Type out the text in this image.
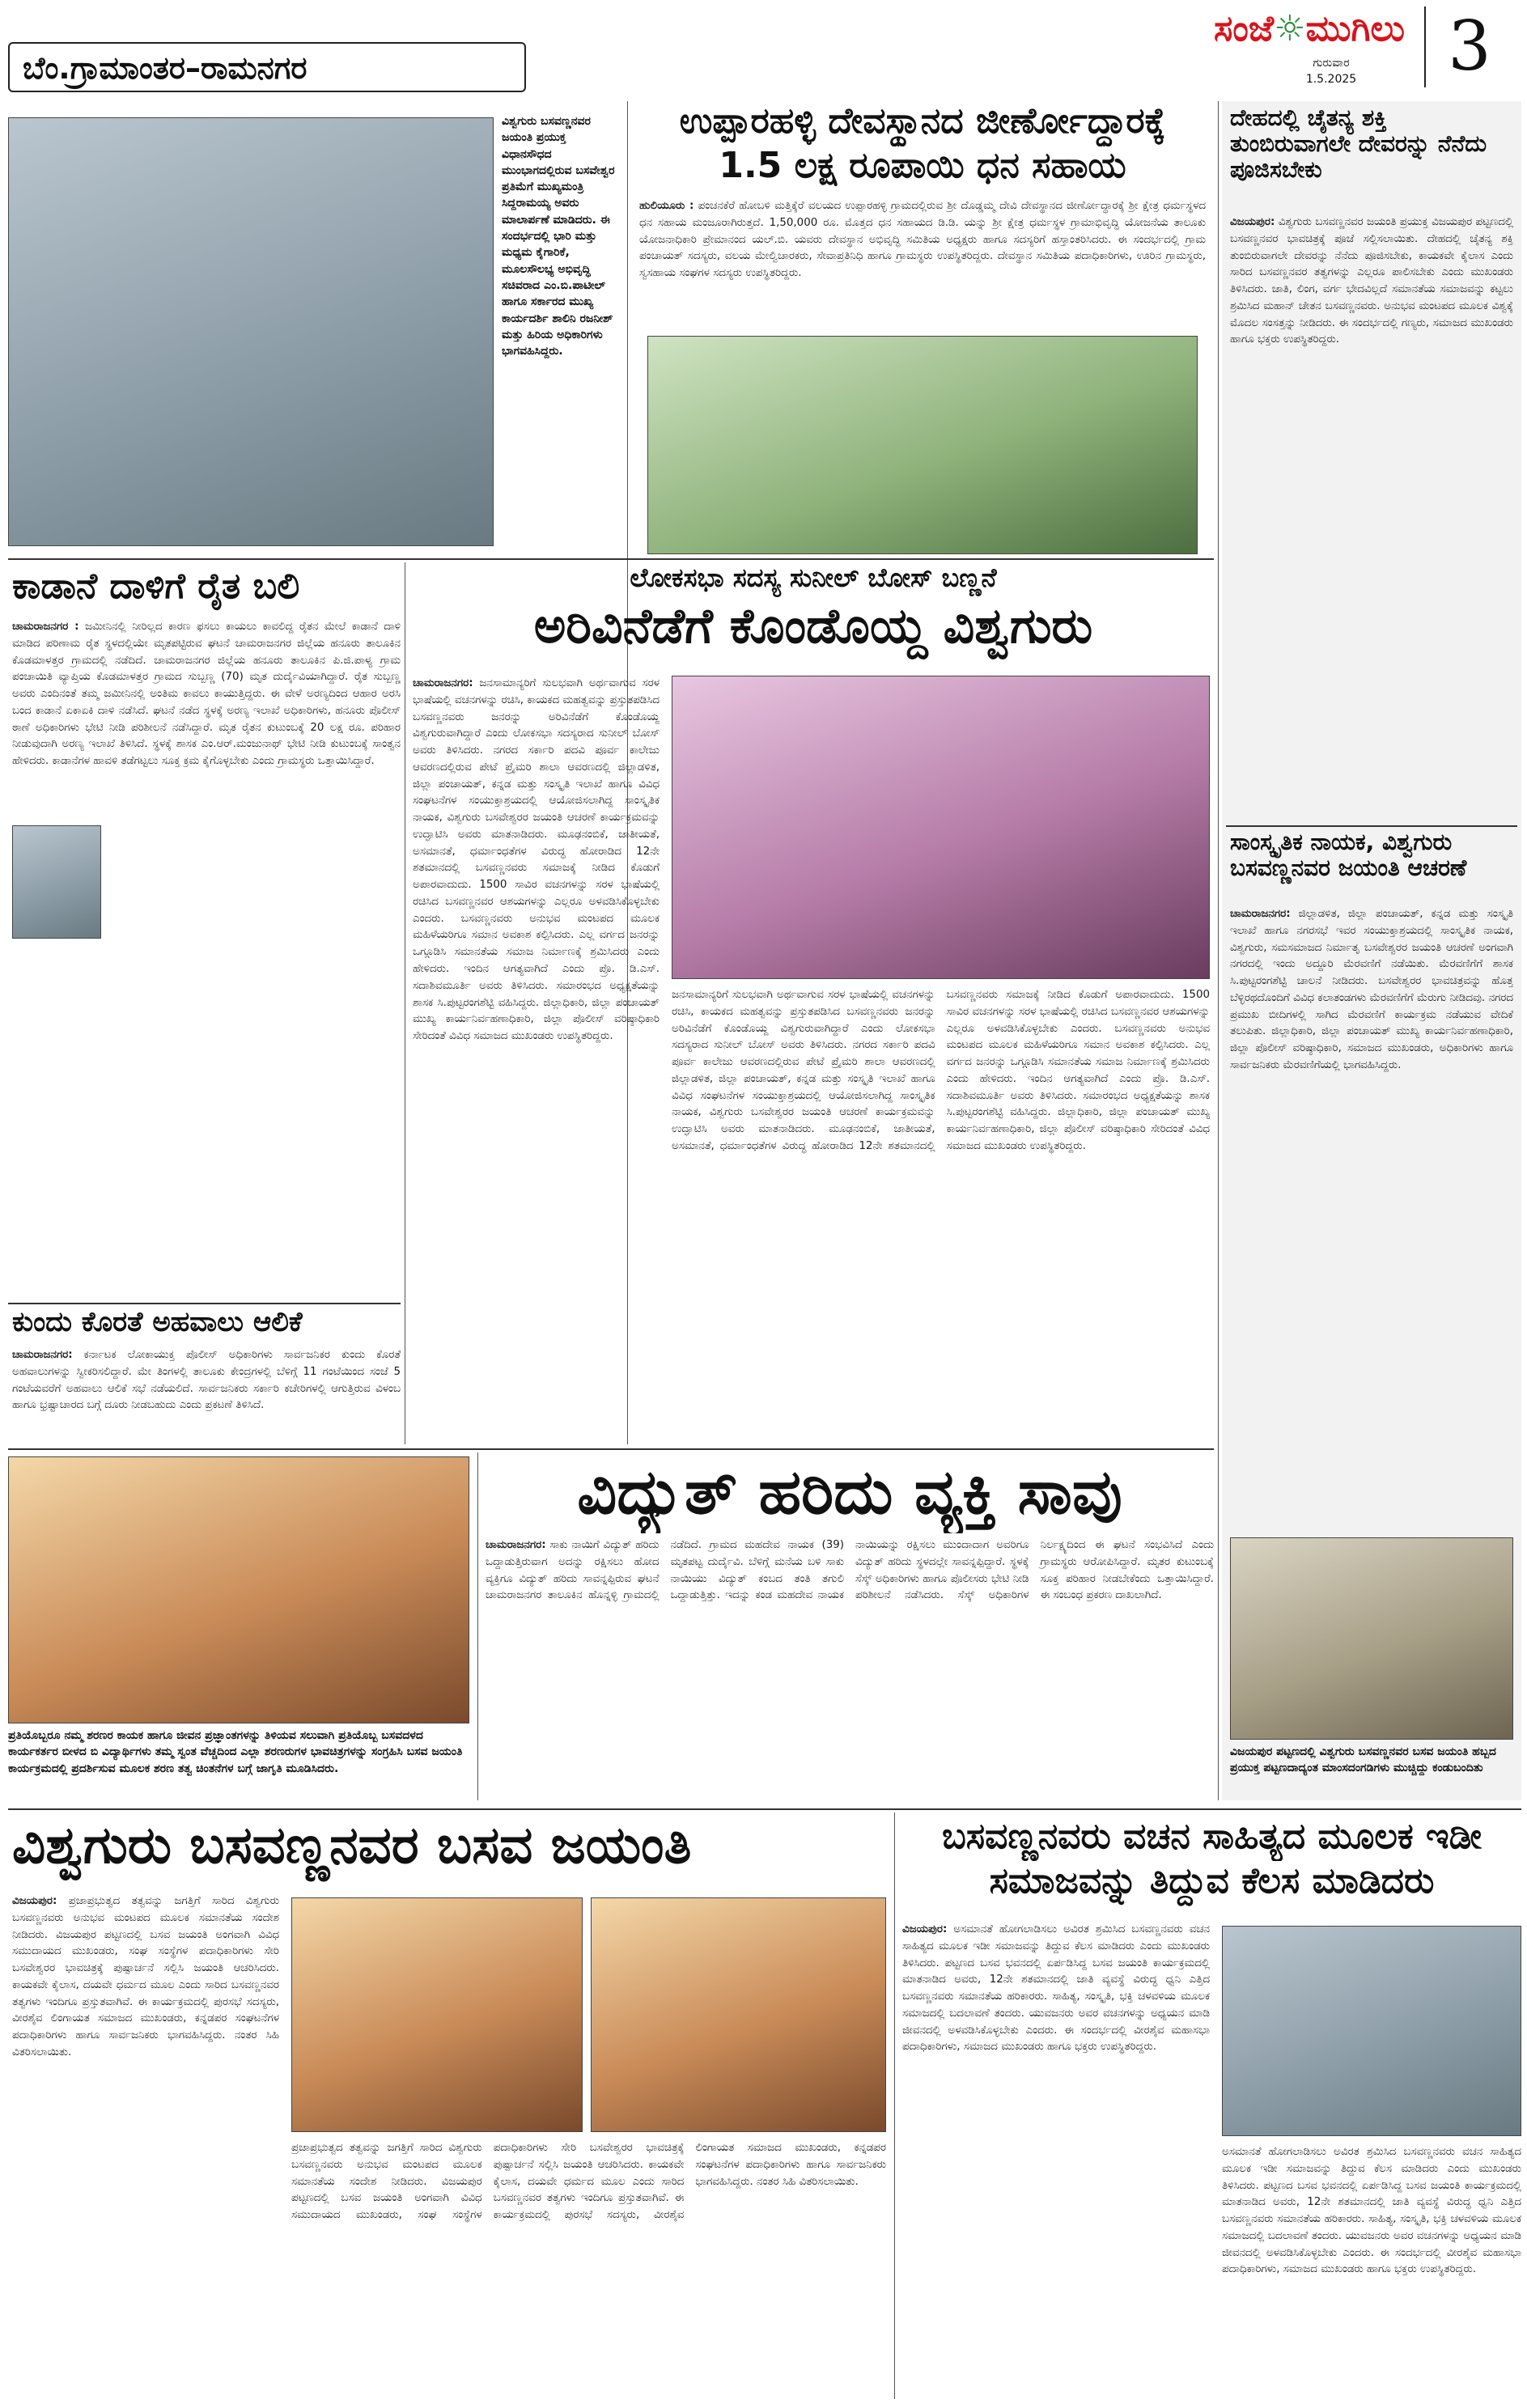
ಬೆಂ.ಗ್ರಾಮಾಂತರ–ರಾಮನಗರ
ಸಂಜೆ☼ಮುಗಿಲು
ಗುರುವಾರ
1.5.2025	3
ವಿಶ್ವಗುರು ಬಸವಣ್ಣನವರ ಜಯಂತಿ ಪ್ರಯುಕ್ತ ವಿಧಾನಸೌಧದ ಮುಂಭಾಗದಲ್ಲಿರುವ ಬಸವೇಶ್ವರ ಪ್ರತಿಮೆಗೆ ಮುಖ್ಯಮಂತ್ರಿ ಸಿದ್ದರಾಮಯ್ಯ ಅವರು ಮಾಲಾರ್ಪಣೆ ಮಾಡಿದರು. ಈ ಸಂದರ್ಭದಲ್ಲಿ ಭಾರಿ ಮತ್ತು ಮಧ್ಯಮ ಕೈಗಾರಿಕೆ, ಮೂಲಸೌಲಭ್ಯ ಅಭಿವೃದ್ಧಿ ಸಚಿವರಾದ ಎಂ.ಬಿ.ಪಾಟೀಲ್ ಹಾಗೂ ಸರ್ಕಾರದ ಮುಖ್ಯ ಕಾರ್ಯದರ್ಶಿ ಶಾಲಿನಿ ರಜನೀಶ್ ಮತ್ತು ಹಿರಿಯ ಅಧಿಕಾರಿಗಳು ಭಾಗವಹಿಸಿದ್ದರು.
ಉಪ್ಪಾರಹಳ್ಳಿ ದೇವಸ್ಥಾನದ ಜೀರ್ಣೋದ್ಧಾರಕ್ಕೆ
1.5 ಲಕ್ಷ ರೂಪಾಯಿ ಧನ ಸಹಾಯ
ಹುಲಿಯೂರು : ಪಂಚನಕೆರೆ ಹೋಬಳಿ ಮತ್ತಿಕ್ಕೆರೆ ವಲಯದ ಉಪ್ಪಾರಹಳ್ಳಿ ಗ್ರಾಮದಲ್ಲಿರುವ ಶ್ರೀ ದೊಡ್ಡಮ್ಮ ದೇವಿ ದೇವಸ್ಥಾನದ ಜೀರ್ಣೋದ್ಧಾರಕ್ಕೆ ಶ್ರೀ ಕ್ಷೇತ್ರ ಧರ್ಮಸ್ಥಳದ ಧನ ಸಹಾಯ ಮಂಜೂರಾಗಿರುತ್ತದೆ. 1,50,000 ರೂ. ಮೊತ್ತದ ಧನ ಸಹಾಯದ ಡಿ.ಡಿ. ಯನ್ನು ಶ್ರೀ ಕ್ಷೇತ್ರ ಧರ್ಮಸ್ಥಳ ಗ್ರಾಮಾಭಿವೃದ್ಧಿ ಯೋಜನೆಯ ತಾಲೂಕು ಯೋಜನಾಧಿಕಾರಿ ಪ್ರೇಮಾನಂದ ಯಲ್.ಬಿ. ಯವರು ದೇವಸ್ಥಾನ ಅಭಿವೃದ್ಧಿ ಸಮಿತಿಯ ಅಧ್ಯಕ್ಷರು ಹಾಗೂ ಸದಸ್ಯರಿಗೆ ಹಸ್ತಾಂತರಿಸಿದರು. ಈ ಸಂದರ್ಭದಲ್ಲಿ ಗ್ರಾಮ ಪಂಚಾಯತ್ ಸದಸ್ಯರು, ವಲಯ ಮೇಲ್ವಿಚಾರಕರು, ಸೇವಾಪ್ರತಿನಿಧಿ ಹಾಗೂ ಗ್ರಾಮಸ್ಥರು ಉಪಸ್ಥಿತರಿದ್ದರು. ದೇವಸ್ಥಾನ ಸಮಿತಿಯ ಪದಾಧಿಕಾರಿಗಳು, ಊರಿನ ಗ್ರಾಮಸ್ಥರು, ಸ್ವಸಹಾಯ ಸಂಘಗಳ ಸದಸ್ಯರು ಉಪಸ್ಥಿತರಿದ್ದರು.
ದೇಹದಲ್ಲಿ ಚೈತನ್ಯ ಶಕ್ತಿ ತುಂಬಿರುವಾಗಲೇ ದೇವರನ್ನು ನೆನೆದು ಪೂಜಿಸಬೇಕು
ವಿಜಯಪುರ: ವಿಶ್ವಗುರು ಬಸವಣ್ಣನವರ ಜಯಂತಿ ಪ್ರಯುಕ್ತ ವಿಜಯಪುರ ಪಟ್ಟಣದಲ್ಲಿ ಬಸವಣ್ಣನವರ ಭಾವಚಿತ್ರಕ್ಕೆ ಪೂಜೆ ಸಲ್ಲಿಸಲಾಯಿತು. ದೇಹದಲ್ಲಿ ಚೈತನ್ಯ ಶಕ್ತಿ ತುಂಬಿರುವಾಗಲೇ ದೇವರನ್ನು ನೆನೆದು ಪೂಜಿಸಬೇಕು, ಕಾಯಕವೇ ಕೈಲಾಸ ಎಂದು ಸಾರಿದ ಬಸವಣ್ಣನವರ ತತ್ವಗಳನ್ನು ಎಲ್ಲರೂ ಪಾಲಿಸಬೇಕು ಎಂದು ಮುಖಂಡರು ತಿಳಿಸಿದರು. ಜಾತಿ, ಲಿಂಗ, ವರ್ಗ ಭೇದವಿಲ್ಲದೆ ಸಮಾನತೆಯ ಸಮಾಜವನ್ನು ಕಟ್ಟಲು ಶ್ರಮಿಸಿದ ಮಹಾನ್ ಚೇತನ ಬಸವಣ್ಣನವರು. ಅನುಭವ ಮಂಟಪದ ಮೂಲಕ ವಿಶ್ವಕ್ಕೆ ಮೊದಲ ಸಂಸತ್ತನ್ನು ನೀಡಿದರು. ಈ ಸಂದರ್ಭದಲ್ಲಿ ಗಣ್ಯರು, ಸಮಾಜದ ಮುಖಂಡರು ಹಾಗೂ ಭಕ್ತರು ಉಪಸ್ಥಿತರಿದ್ದರು.
ಸಾಂಸ್ಕೃತಿಕ ನಾಯಕ, ವಿಶ್ವಗುರು ಬಸವಣ್ಣನವರ ಜಯಂತಿ ಆಚರಣೆ
ಚಾಮರಾಜನಗರ: ಜಿಲ್ಲಾಡಳಿತ, ಜಿಲ್ಲಾ ಪಂಚಾಯತ್, ಕನ್ನಡ ಮತ್ತು ಸಂಸ್ಕೃತಿ ಇಲಾಖೆ ಹಾಗೂ ನಗರಸಭೆ ಇವರ ಸಂಯುಕ್ತಾಶ್ರಯದಲ್ಲಿ ಸಾಂಸ್ಕೃತಿಕ ನಾಯಕ, ವಿಶ್ವಗುರು, ಸಮಸಮಾಜದ ನಿರ್ಮಾತೃ ಬಸವೇಶ್ವರರ ಜಯಂತಿ ಆಚರಣೆ ಅಂಗವಾಗಿ ನಗರದಲ್ಲಿ ಇಂದು ಅದ್ದೂರಿ ಮೆರವಣಿಗೆ ನಡೆಯಿತು. ಮೆರವಣಿಗೆಗೆ ಶಾಸಕ ಸಿ.ಪುಟ್ಟರಂಗಶೆಟ್ಟಿ ಚಾಲನೆ ನೀಡಿದರು. ಬಸವೇಶ್ವರರ ಭಾವಚಿತ್ರವನ್ನು ಹೊತ್ತ ಬೆಳ್ಳಿರಥದೊಂದಿಗೆ ವಿವಿಧ ಕಲಾತಂಡಗಳು ಮೆರವಣಿಗೆಗೆ ಮೆರುಗು ನೀಡಿದವು. ನಗರದ ಪ್ರಮುಖ ಬೀದಿಗಳಲ್ಲಿ ಸಾಗಿದ ಮೆರವಣಿಗೆ ಕಾರ್ಯಕ್ರಮ ನಡೆಯುವ ವೇದಿಕೆ ತಲುಪಿತು. ಜಿಲ್ಲಾಧಿಕಾರಿ, ಜಿಲ್ಲಾ ಪಂಚಾಯತ್ ಮುಖ್ಯ ಕಾರ್ಯನಿರ್ವಹಣಾಧಿಕಾರಿ, ಜಿಲ್ಲಾ ಪೊಲೀಸ್ ವರಿಷ್ಠಾಧಿಕಾರಿ, ಸಮಾಜದ ಮುಖಂಡರು, ಅಧಿಕಾರಿಗಳು ಹಾಗೂ ಸಾರ್ವಜನಿಕರು ಮೆರವಣಿಗೆಯಲ್ಲಿ ಭಾಗವಹಿಸಿದ್ದರು.
ವಿಜಯಪುರ ಪಟ್ಟಣದಲ್ಲಿ ವಿಶ್ವಗುರು ಬಸವಣ್ಣನವರ ಬಸವ ಜಯಂತಿ ಹಬ್ಬದ ಪ್ರಯುಕ್ತ ಪಟ್ಟಣದಾದ್ಯಂತ ಮಾಂಸದಂಗಡಿಗಳು ಮುಚ್ಚಿದ್ದು ಕಂಡುಬಂದಿತು
ಕಾಡಾನೆ ದಾಳಿಗೆ ರೈತ ಬಲಿ
ಚಾಮರಾಜನಗರ : ಜಮೀನಿನಲ್ಲಿ ನೀರಿಲ್ಲದ ಕಾರಣ ಫಸಲು ಕಾಯಲು ಕಾವಲಿದ್ದ ರೈತನ ಮೇಲೆ ಕಾಡಾನೆ ದಾಳಿ ಮಾಡಿದ ಪರಿಣಾಮ ರೈತ ಸ್ಥಳದಲ್ಲಿಯೇ ಮೃತಪಟ್ಟಿರುವ ಘಟನೆ ಚಾಮರಾಜನಗರ ಜಿಲ್ಲೆಯ ಹನೂರು ತಾಲೂಕಿನ ಕೊಡಮಾಳತ್ತರ ಗ್ರಾಮದಲ್ಲಿ ನಡೆದಿದೆ. ಚಾಮರಾಜನಗರ ಜಿಲ್ಲೆಯ ಹನೂರು ತಾಲೂಕಿನ ಪಿ.ಜಿ.ಪಾಳ್ಯ ಗ್ರಾಮ ಪಂಚಾಯಿತಿ ವ್ಯಾಪ್ತಿಯ ಕೊಡಮಾಳತ್ತರ ಗ್ರಾಮದ ಸುಬ್ಬಣ್ಣ (70) ಮೃತ ದುರ್ದೈವಿಯಾಗಿದ್ದಾರೆ. ರೈತ ಸುಬ್ಬಣ್ಣ ಅವರು ಎಂದಿನಂತೆ ತಮ್ಮ ಜಮೀನಿನಲ್ಲಿ ಅಂತಿಮ ಕಾವಲು ಕಾಯುತ್ತಿದ್ದರು. ಈ ವೇಳೆ ಅರಣ್ಯದಿಂದ ಆಹಾರ ಅರಸಿ ಬಂದ ಕಾಡಾನೆ ಏಕಾಏಕಿ ದಾಳಿ ನಡೆಸಿದೆ. ಘಟನೆ ನಡೆದ ಸ್ಥಳಕ್ಕೆ ಅರಣ್ಯ ಇಲಾಖೆ ಅಧಿಕಾರಿಗಳು, ಹನೂರು ಪೊಲೀಸ್ ಠಾಣೆ ಅಧಿಕಾರಿಗಳು ಭೇಟಿ ನೀಡಿ ಪರಿಶೀಲನೆ ನಡೆಸಿದ್ದಾರೆ. ಮೃತ ರೈತನ ಕುಟುಂಬಕ್ಕೆ 20 ಲಕ್ಷ ರೂ. ಪರಿಹಾರ ನೀಡುವುದಾಗಿ ಅರಣ್ಯ ಇಲಾಖೆ ತಿಳಿಸಿದೆ. ಸ್ಥಳಕ್ಕೆ ಶಾಸಕ ಎಂ.ಆರ್.ಮಂಜುನಾಥ್ ಭೇಟಿ ನೀಡಿ ಕುಟುಂಬಕ್ಕೆ ಸಾಂತ್ವನ ಹೇಳಿದರು. ಕಾಡಾನೆಗಳ ಹಾವಳಿ ತಡೆಗಟ್ಟಲು ಸೂಕ್ತ ಕ್ರಮ ಕೈಗೊಳ್ಳಬೇಕು ಎಂದು ಗ್ರಾಮಸ್ಥರು ಒತ್ತಾಯಿಸಿದ್ದಾರೆ.
ಕುಂದು ಕೊರತೆ ಅಹವಾಲು ಆಲಿಕೆ
ಚಾಮರಾಜನಗರ: ಕರ್ನಾಟಕ ಲೋಕಾಯುಕ್ತ ಪೊಲೀಸ್ ಅಧಿಕಾರಿಗಳು ಸಾರ್ವಜನಿಕರ ಕುಂದು ಕೊರತೆ ಅಹವಾಲುಗಳನ್ನು ಸ್ವೀಕರಿಸಲಿದ್ದಾರೆ. ಮೇ ತಿಂಗಳಲ್ಲಿ ತಾಲೂಕು ಕೇಂದ್ರಗಳಲ್ಲಿ ಬೆಳಿಗ್ಗೆ 11 ಗಂಟೆಯಿಂದ ಸಂಜೆ 5 ಗಂಟೆಯವರೆಗೆ ಅಹವಾಲು ಆಲಿಕೆ ಸಭೆ ನಡೆಯಲಿದೆ. ಸಾರ್ವಜನಿಕರು ಸರ್ಕಾರಿ ಕಚೇರಿಗಳಲ್ಲಿ ಆಗುತ್ತಿರುವ ವಿಳಂಬ ಹಾಗೂ ಭ್ರಷ್ಟಾಚಾರದ ಬಗ್ಗೆ ದೂರು ನೀಡಬಹುದು ಎಂದು ಪ್ರಕಟಣೆ ತಿಳಿಸಿದೆ.
ಲೋಕಸಭಾ ಸದಸ್ಯ ಸುನೀಲ್ ಬೋಸ್ ಬಣ್ಣನೆ
ಅರಿವಿನೆಡೆಗೆ ಕೊಂಡೊಯ್ದ ವಿಶ್ವಗುರು
ಚಾಮರಾಜನಗರ: ಜನಸಾಮಾನ್ಯರಿಗೆ ಸುಲಭವಾಗಿ ಅರ್ಥವಾಗುವ ಸರಳ ಭಾಷೆಯಲ್ಲಿ ವಚನಗಳನ್ನು ರಚಿಸಿ, ಕಾಯಕದ ಮಹತ್ವವನ್ನು ಪ್ರಸ್ತುತಪಡಿಸಿದ ಬಸವಣ್ಣನವರು ಜನರನ್ನು ಅರಿವಿನೆಡೆಗೆ ಕೊಂಡೊಯ್ದ ವಿಶ್ವಗುರುವಾಗಿದ್ದಾರೆ ಎಂದು ಲೋಕಸಭಾ ಸದಸ್ಯರಾದ ಸುನೀಲ್ ಬೋಸ್ ಅವರು ತಿಳಿಸಿದರು. ನಗರದ ಸರ್ಕಾರಿ ಪದವಿ ಪೂರ್ವ ಕಾಲೇಜು ಆವರಣದಲ್ಲಿರುವ ಪೇಟೆ ಪ್ರೈಮರಿ ಶಾಲಾ ಆವರಣದಲ್ಲಿ ಜಿಲ್ಲಾಡಳಿತ, ಜಿಲ್ಲಾ ಪಂಚಾಯತ್, ಕನ್ನಡ ಮತ್ತು ಸಂಸ್ಕೃತಿ ಇಲಾಖೆ ಹಾಗೂ ವಿವಿಧ ಸಂಘಟನೆಗಳ ಸಂಯುಕ್ತಾಶ್ರಯದಲ್ಲಿ ಆಯೋಜಿಸಲಾಗಿದ್ದ ಸಾಂಸ್ಕೃತಿಕ ನಾಯಕ, ವಿಶ್ವಗುರು ಬಸವೇಶ್ವರರ ಜಯಂತಿ ಆಚರಣೆ ಕಾರ್ಯಕ್ರಮವನ್ನು ಉದ್ಘಾಟಿಸಿ ಅವರು ಮಾತನಾಡಿದರು. ಮೂಢನಂಬಿಕೆ, ಜಾತೀಯತೆ, ಅಸಮಾನತೆ, ಧರ್ಮಾಂಧತೆಗಳ ವಿರುದ್ಧ ಹೋರಾಡಿದ 12ನೇ ಶತಮಾನದಲ್ಲಿ ಬಸವಣ್ಣನವರು ಸಮಾಜಕ್ಕೆ ನೀಡಿದ ಕೊಡುಗೆ ಅಪಾರವಾದುದು. 1500 ಸಾವಿರ ವಚನಗಳನ್ನು ಸರಳ ಭಾಷೆಯಲ್ಲಿ ರಚಿಸಿದ ಬಸವಣ್ಣನವರ ಆಶಯಗಳನ್ನು ಎಲ್ಲರೂ ಅಳವಡಿಸಿಕೊಳ್ಳಬೇಕು ಎಂದರು. ಬಸವಣ್ಣನವರು ಅನುಭವ ಮಂಟಪದ ಮೂಲಕ ಮಹಿಳೆಯರಿಗೂ ಸಮಾನ ಅವಕಾಶ ಕಲ್ಪಿಸಿದರು. ಎಲ್ಲ ವರ್ಗದ ಜನರನ್ನು ಒಗ್ಗೂಡಿಸಿ ಸಮಾನತೆಯ ಸಮಾಜ ನಿರ್ಮಾಣಕ್ಕೆ ಶ್ರಮಿಸಿದರು ಎಂದು ಹೇಳಿದರು. ಇಂದಿನ ಆಗತ್ಯವಾಗಿದೆ ಎಂದು ಪ್ರೊ. ಡಿ.ಎಸ್. ಸದಾಶಿವಮೂರ್ತಿ ಅವರು ತಿಳಿಸಿದರು. ಸಮಾರಂಭದ ಅಧ್ಯಕ್ಷತೆಯನ್ನು ಶಾಸಕ ಸಿ.ಪುಟ್ಟರಂಗಶೆಟ್ಟಿ ವಹಿಸಿದ್ದರು. ಜಿಲ್ಲಾಧಿಕಾರಿ, ಜಿಲ್ಲಾ ಪಂಚಾಯತ್ ಮುಖ್ಯ ಕಾರ್ಯನಿರ್ವಹಣಾಧಿಕಾರಿ, ಜಿಲ್ಲಾ ಪೊಲೀಸ್ ವರಿಷ್ಠಾಧಿಕಾರಿ ಸೇರಿದಂತೆ ವಿವಿಧ ಸಮಾಜದ ಮುಖಂಡರು ಉಪಸ್ಥಿತರಿದ್ದರು.
ಜನಸಾಮಾನ್ಯರಿಗೆ ಸುಲಭವಾಗಿ ಅರ್ಥವಾಗುವ ಸರಳ ಭಾಷೆಯಲ್ಲಿ ವಚನಗಳನ್ನು ರಚಿಸಿ, ಕಾಯಕದ ಮಹತ್ವವನ್ನು ಪ್ರಸ್ತುತಪಡಿಸಿದ ಬಸವಣ್ಣನವರು ಜನರನ್ನು ಅರಿವಿನೆಡೆಗೆ ಕೊಂಡೊಯ್ದ ವಿಶ್ವಗುರುವಾಗಿದ್ದಾರೆ ಎಂದು ಲೋಕಸಭಾ ಸದಸ್ಯರಾದ ಸುನೀಲ್ ಬೋಸ್ ಅವರು ತಿಳಿಸಿದರು. ನಗರದ ಸರ್ಕಾರಿ ಪದವಿ ಪೂರ್ವ ಕಾಲೇಜು ಆವರಣದಲ್ಲಿರುವ ಪೇಟೆ ಪ್ರೈಮರಿ ಶಾಲಾ ಆವರಣದಲ್ಲಿ ಜಿಲ್ಲಾಡಳಿತ, ಜಿಲ್ಲಾ ಪಂಚಾಯತ್, ಕನ್ನಡ ಮತ್ತು ಸಂಸ್ಕೃತಿ ಇಲಾಖೆ ಹಾಗೂ ವಿವಿಧ ಸಂಘಟನೆಗಳ ಸಂಯುಕ್ತಾಶ್ರಯದಲ್ಲಿ ಆಯೋಜಿಸಲಾಗಿದ್ದ ಸಾಂಸ್ಕೃತಿಕ ನಾಯಕ, ವಿಶ್ವಗುರು ಬಸವೇಶ್ವರರ ಜಯಂತಿ ಆಚರಣೆ ಕಾರ್ಯಕ್ರಮವನ್ನು ಉದ್ಘಾಟಿಸಿ ಅವರು ಮಾತನಾಡಿದರು. ಮೂಢನಂಬಿಕೆ, ಜಾತೀಯತೆ, ಅಸಮಾನತೆ, ಧರ್ಮಾಂಧತೆಗಳ ವಿರುದ್ಧ ಹೋರಾಡಿದ 12ನೇ ಶತಮಾನದಲ್ಲಿ ಬಸವಣ್ಣನವರು ಸಮಾಜಕ್ಕೆ ನೀಡಿದ ಕೊಡುಗೆ ಅಪಾರವಾದುದು. 1500 ಸಾವಿರ ವಚನಗಳನ್ನು ಸರಳ ಭಾಷೆಯಲ್ಲಿ ರಚಿಸಿದ ಬಸವಣ್ಣನವರ ಆಶಯಗಳನ್ನು ಎಲ್ಲರೂ ಅಳವಡಿಸಿಕೊಳ್ಳಬೇಕು ಎಂದರು. ಬಸವಣ್ಣನವರು ಅನುಭವ ಮಂಟಪದ ಮೂಲಕ ಮಹಿಳೆಯರಿಗೂ ಸಮಾನ ಅವಕಾಶ ಕಲ್ಪಿಸಿದರು. ಎಲ್ಲ ವರ್ಗದ ಜನರನ್ನು ಒಗ್ಗೂಡಿಸಿ ಸಮಾನತೆಯ ಸಮಾಜ ನಿರ್ಮಾಣಕ್ಕೆ ಶ್ರಮಿಸಿದರು ಎಂದು ಹೇಳಿದರು. ಇಂದಿನ ಆಗತ್ಯವಾಗಿದೆ ಎಂದು ಪ್ರೊ. ಡಿ.ಎಸ್. ಸದಾಶಿವಮೂರ್ತಿ ಅವರು ತಿಳಿಸಿದರು. ಸಮಾರಂಭದ ಅಧ್ಯಕ್ಷತೆಯನ್ನು ಶಾಸಕ ಸಿ.ಪುಟ್ಟರಂಗಶೆಟ್ಟಿ ವಹಿಸಿದ್ದರು. ಜಿಲ್ಲಾಧಿಕಾರಿ, ಜಿಲ್ಲಾ ಪಂಚಾಯತ್ ಮುಖ್ಯ ಕಾರ್ಯನಿರ್ವಹಣಾಧಿಕಾರಿ, ಜಿಲ್ಲಾ ಪೊಲೀಸ್ ವರಿಷ್ಠಾಧಿಕಾರಿ ಸೇರಿದಂತೆ ವಿವಿಧ ಸಮಾಜದ ಮುಖಂಡರು ಉಪಸ್ಥಿತರಿದ್ದರು.
ಪ್ರತಿಯೊಬ್ಬರೂ ನಮ್ಮ ಶರಣರ ಕಾಯಕ ಹಾಗೂ ಜೀವನ ಪ್ರಜ್ಞಾಂತಗಳನ್ನು ತಿಳಿಯವ ಸಲುವಾಗಿ ಪ್ರತಿಯೊಬ್ಬ ಬಸವದಳದ ಕಾರ್ಯಕರ್ತರ ಬೀಳದ ಬಿ ವಿದ್ಯಾರ್ಥಿಗಳು ತಮ್ಮ ಸ್ವಂತ ವೆಚ್ಚದಿಂದ ಎಲ್ಲಾ ಶರಣರುಗಳ ಭಾವಚಿತ್ರಗಳನ್ನು ಸಂಗ್ರಹಿಸಿ ಬಸವ ಜಯಂತಿ ಕಾರ್ಯಕ್ರಮದಲ್ಲಿ ಪ್ರದರ್ಶಿಸುವ ಮೂಲಕ ಶರಣ ತತ್ವ ಚಿಂತನೆಗಳ ಬಗ್ಗೆ ಜಾಗೃತಿ ಮೂಡಿಸಿದರು.
ವಿದ್ಯುತ್ ಹರಿದು ವ್ಯಕ್ತಿ ಸಾವು
ಚಾಮರಾಜನಗರ: ಸಾಕು ನಾಯಿಗೆ ವಿದ್ಯುತ್ ಹರಿದು ಒದ್ದಾಡುತ್ತಿರುವಾಗ ಅದನ್ನು ರಕ್ಷಿಸಲು ಹೋದ ವ್ಯಕ್ತಿಗೂ ವಿದ್ಯುತ್ ಹರಿದು ಸಾವನ್ನಪ್ಪಿರುವ ಘಟನೆ ಚಾಮರಾಜನಗರ ತಾಲೂಕಿನ ಹೊನ್ನಳ್ಳಿ ಗ್ರಾಮದಲ್ಲಿ ನಡೆದಿದೆ. ಗ್ರಾಮದ ಮಹದೇವ ನಾಯಕ (39) ಮೃತಪಟ್ಟ ದುರ್ದೈವಿ. ಬೆಳಿಗ್ಗೆ ಮನೆಯ ಬಳಿ ಸಾಕು ನಾಯಿಯು ವಿದ್ಯುತ್ ಕಂಬದ ತಂತಿ ತಗುಲಿ ಒದ್ದಾಡುತ್ತಿತ್ತು. ಇದನ್ನು ಕಂಡ ಮಹದೇವ ನಾಯಕ ನಾಯಿಯನ್ನು ರಕ್ಷಿಸಲು ಮುಂದಾದಾಗ ಅವರಿಗೂ ವಿದ್ಯುತ್ ಹರಿದು ಸ್ಥಳದಲ್ಲೇ ಸಾವನ್ನಪ್ಪಿದ್ದಾರೆ. ಸ್ಥಳಕ್ಕೆ ಸೆಸ್ಕ್ ಅಧಿಕಾರಿಗಳು ಹಾಗೂ ಪೊಲೀಸರು ಭೇಟಿ ನೀಡಿ ಪರಿಶೀಲನೆ ನಡೆಸಿದರು. ಸೆಸ್ಕ್ ಅಧಿಕಾರಿಗಳ ನಿರ್ಲಕ್ಷ್ಯದಿಂದ ಈ ಘಟನೆ ಸಂಭವಿಸಿದೆ ಎಂದು ಗ್ರಾಮಸ್ಥರು ಆರೋಪಿಸಿದ್ದಾರೆ. ಮೃತರ ಕುಟುಂಬಕ್ಕೆ ಸೂಕ್ತ ಪರಿಹಾರ ನೀಡಬೇಕೆಂದು ಒತ್ತಾಯಿಸಿದ್ದಾರೆ. ಈ ಸಂಬಂಧ ಪ್ರಕರಣ ದಾಖಲಾಗಿದೆ.
ವಿಶ್ವಗುರು ಬಸವಣ್ಣನವರ ಬಸವ ಜಯಂತಿ
ವಿಜಯಪುರ: ಪ್ರಜಾಪ್ರಭುತ್ವದ ತತ್ವವನ್ನು ಜಗತ್ತಿಗೆ ಸಾರಿದ ವಿಶ್ವಗುರು ಬಸವಣ್ಣನವರು ಅನುಭವ ಮಂಟಪದ ಮೂಲಕ ಸಮಾನತೆಯ ಸಂದೇಶ ನೀಡಿದರು. ವಿಜಯಪುರ ಪಟ್ಟಣದಲ್ಲಿ ಬಸವ ಜಯಂತಿ ಅಂಗವಾಗಿ ವಿವಿಧ ಸಮುದಾಯದ ಮುಖಂಡರು, ಸಂಘ ಸಂಸ್ಥೆಗಳ ಪದಾಧಿಕಾರಿಗಳು ಸೇರಿ ಬಸವೇಶ್ವರರ ಭಾವಚಿತ್ರಕ್ಕೆ ಪುಷ್ಪಾರ್ಚನೆ ಸಲ್ಲಿಸಿ ಜಯಂತಿ ಆಚರಿಸಿದರು. ಕಾಯಕವೇ ಕೈಲಾಸ, ದಯವೇ ಧರ್ಮದ ಮೂಲ ಎಂದು ಸಾರಿದ ಬಸವಣ್ಣನವರ ತತ್ವಗಳು ಇಂದಿಗೂ ಪ್ರಸ್ತುತವಾಗಿವೆ. ಈ ಕಾರ್ಯಕ್ರಮದಲ್ಲಿ ಪುರಸಭೆ ಸದಸ್ಯರು, ವೀರಶೈವ ಲಿಂಗಾಯತ ಸಮಾಜದ ಮುಖಂಡರು, ಕನ್ನಡಪರ ಸಂಘಟನೆಗಳ ಪದಾಧಿಕಾರಿಗಳು ಹಾಗೂ ಸಾರ್ವಜನಿಕರು ಭಾಗವಹಿಸಿದ್ದರು. ನಂತರ ಸಿಹಿ ವಿತರಿಸಲಾಯಿತು.
ಪ್ರಜಾಪ್ರಭುತ್ವದ ತತ್ವವನ್ನು ಜಗತ್ತಿಗೆ ಸಾರಿದ ವಿಶ್ವಗುರು ಬಸವಣ್ಣನವರು ಅನುಭವ ಮಂಟಪದ ಮೂಲಕ ಸಮಾನತೆಯ ಸಂದೇಶ ನೀಡಿದರು. ವಿಜಯಪುರ ಪಟ್ಟಣದಲ್ಲಿ ಬಸವ ಜಯಂತಿ ಅಂಗವಾಗಿ ವಿವಿಧ ಸಮುದಾಯದ ಮುಖಂಡರು, ಸಂಘ ಸಂಸ್ಥೆಗಳ ಪದಾಧಿಕಾರಿಗಳು ಸೇರಿ ಬಸವೇಶ್ವರರ ಭಾವಚಿತ್ರಕ್ಕೆ ಪುಷ್ಪಾರ್ಚನೆ ಸಲ್ಲಿಸಿ ಜಯಂತಿ ಆಚರಿಸಿದರು. ಕಾಯಕವೇ ಕೈಲಾಸ, ದಯವೇ ಧರ್ಮದ ಮೂಲ ಎಂದು ಸಾರಿದ ಬಸವಣ್ಣನವರ ತತ್ವಗಳು ಇಂದಿಗೂ ಪ್ರಸ್ತುತವಾಗಿವೆ. ಈ ಕಾರ್ಯಕ್ರಮದಲ್ಲಿ ಪುರಸಭೆ ಸದಸ್ಯರು, ವೀರಶೈವ ಲಿಂಗಾಯತ ಸಮಾಜದ ಮುಖಂಡರು, ಕನ್ನಡಪರ ಸಂಘಟನೆಗಳ ಪದಾಧಿಕಾರಿಗಳು ಹಾಗೂ ಸಾರ್ವಜನಿಕರು ಭಾಗವಹಿಸಿದ್ದರು. ನಂತರ ಸಿಹಿ ವಿತರಿಸಲಾಯಿತು.
ಬಸವಣ್ಣನವರು ವಚನ ಸಾಹಿತ್ಯದ ಮೂಲಕ ಇಡೀ
ಸಮಾಜವನ್ನು ತಿದ್ದುವ ಕೆಲಸ ಮಾಡಿದರು
ವಿಜಯಪುರ: ಅಸಮಾನತೆ ಹೋಗಲಾಡಿಸಲು ಅವಿರತ ಶ್ರಮಿಸಿದ ಬಸವಣ್ಣನವರು ವಚನ ಸಾಹಿತ್ಯದ ಮೂಲಕ ಇಡೀ ಸಮಾಜವನ್ನು ತಿದ್ದುವ ಕೆಲಸ ಮಾಡಿದರು ಎಂದು ಮುಖಂಡರು ತಿಳಿಸಿದರು. ಪಟ್ಟಣದ ಬಸವ ಭವನದಲ್ಲಿ ಏರ್ಪಡಿಸಿದ್ದ ಬಸವ ಜಯಂತಿ ಕಾರ್ಯಕ್ರಮದಲ್ಲಿ ಮಾತನಾಡಿದ ಅವರು, 12ನೇ ಶತಮಾನದಲ್ಲಿ ಜಾತಿ ವ್ಯವಸ್ಥೆ ವಿರುದ್ಧ ಧ್ವನಿ ಎತ್ತಿದ ಬಸವಣ್ಣನವರು ಸಮಾನತೆಯ ಹರಿಕಾರರು. ಸಾಹಿತ್ಯ, ಸಂಸ್ಕೃತಿ, ಭಕ್ತಿ ಚಳವಳಿಯ ಮೂಲಕ ಸಮಾಜದಲ್ಲಿ ಬದಲಾವಣೆ ತಂದರು. ಯುವಜನರು ಅವರ ವಚನಗಳನ್ನು ಅಧ್ಯಯನ ಮಾಡಿ ಜೀವನದಲ್ಲಿ ಅಳವಡಿಸಿಕೊಳ್ಳಬೇಕು ಎಂದರು. ಈ ಸಂದರ್ಭದಲ್ಲಿ ವೀರಶೈವ ಮಹಾಸಭಾ ಪದಾಧಿಕಾರಿಗಳು, ಸಮಾಜದ ಮುಖಂಡರು ಹಾಗೂ ಭಕ್ತರು ಉಪಸ್ಥಿತರಿದ್ದರು.
ಅಸಮಾನತೆ ಹೋಗಲಾಡಿಸಲು ಅವಿರತ ಶ್ರಮಿಸಿದ ಬಸವಣ್ಣನವರು ವಚನ ಸಾಹಿತ್ಯದ ಮೂಲಕ ಇಡೀ ಸಮಾಜವನ್ನು ತಿದ್ದುವ ಕೆಲಸ ಮಾಡಿದರು ಎಂದು ಮುಖಂಡರು ತಿಳಿಸಿದರು. ಪಟ್ಟಣದ ಬಸವ ಭವನದಲ್ಲಿ ಏರ್ಪಡಿಸಿದ್ದ ಬಸವ ಜಯಂತಿ ಕಾರ್ಯಕ್ರಮದಲ್ಲಿ ಮಾತನಾಡಿದ ಅವರು, 12ನೇ ಶತಮಾನದಲ್ಲಿ ಜಾತಿ ವ್ಯವಸ್ಥೆ ವಿರುದ್ಧ ಧ್ವನಿ ಎತ್ತಿದ ಬಸವಣ್ಣನವರು ಸಮಾನತೆಯ ಹರಿಕಾರರು. ಸಾಹಿತ್ಯ, ಸಂಸ್ಕೃತಿ, ಭಕ್ತಿ ಚಳವಳಿಯ ಮೂಲಕ ಸಮಾಜದಲ್ಲಿ ಬದಲಾವಣೆ ತಂದರು. ಯುವಜನರು ಅವರ ವಚನಗಳನ್ನು ಅಧ್ಯಯನ ಮಾಡಿ ಜೀವನದಲ್ಲಿ ಅಳವಡಿಸಿಕೊಳ್ಳಬೇಕು ಎಂದರು. ಈ ಸಂದರ್ಭದಲ್ಲಿ ವೀರಶೈವ ಮಹಾಸಭಾ ಪದಾಧಿಕಾರಿಗಳು, ಸಮಾಜದ ಮುಖಂಡರು ಹಾಗೂ ಭಕ್ತರು ಉಪಸ್ಥಿತರಿದ್ದರು.
